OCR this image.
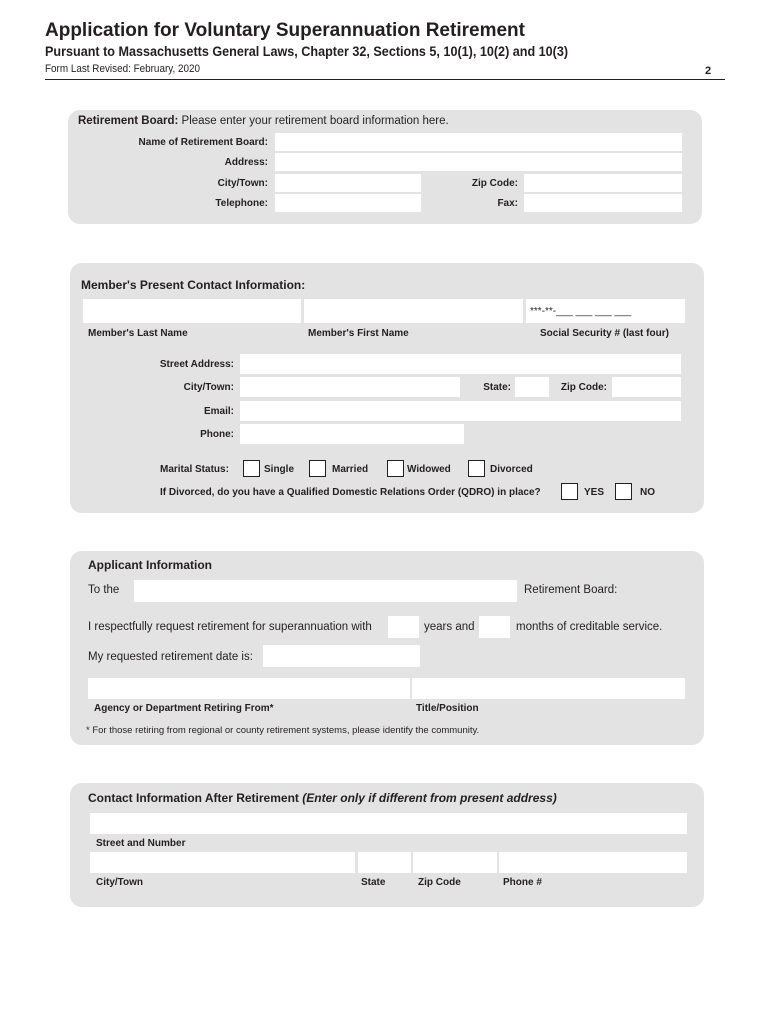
Application for Voluntary Superannuation Retirement
Pursuant to Massachusetts General Laws, Chapter 32, Sections 5, 10(1), 10(2) and 10(3)
Form Last Revised: February, 2020	2
Retirement Board: Please enter your retirement board information here.
Name of Retirement Board:
Address:
City/Town:	Zip Code:
Telephone:	Fax:
Member's Present Contact Information:
***-**-___ ___ ___ ___
Member's Last Name	Member's First Name	Social Security # (last four)
Street Address:
City/Town:	State:	Zip Code:
Email:
Phone:
Marital Status:	Single	Married	Widowed	Divorced
If Divorced, do you have a Qualified Domestic Relations Order (QDRO) in place?	YES	NO
Applicant Information
To the	Retirement Board:
I respectfully request retirement for superannuation with	years and	months of creditable service.
My requested retirement date is:
Agency or Department Retiring From*	Title/Position
* For those retiring from regional or county retirement systems, please identify the community.
Contact Information After Retirement (Enter only if different from present address)
Street and Number
City/Town	State	Zip Code	Phone #
